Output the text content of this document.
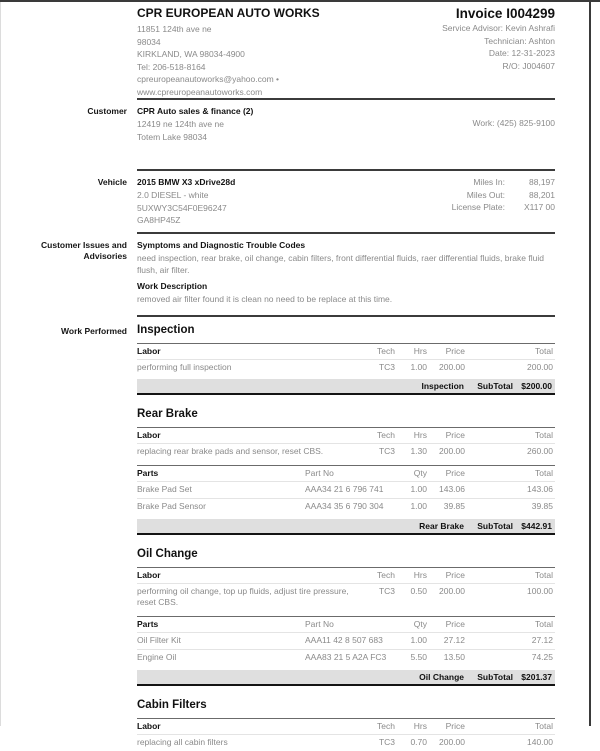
CPR EUROPEAN AUTO WORKS
11851 124th ave ne
98034
KIRKLAND, WA 98034-4900
Tel: 206-518-8164
cpreuropeanautoworks@yahoo.com •
www.cpreuropeanautoworks.com
Invoice I004299
Service Advisor: Kevin Ashrafi
Technician: Ashton
Date: 12-31-2023
R/O: J004607
Customer CPR Auto sales & finance (2)
12419 ne 124th ave ne
Totem Lake 98034
Work: (425) 825-9100
Vehicle 2015 BMW X3 xDrive28d
2.0 DIESEL - white
5UXWY3C54F0E96247
GA8HP45Z
Miles In:	88,197
Miles Out:	88,201
License Plate:	X117 00
Customer Issues and Advisories
Symptoms and Diagnostic Trouble Codes
need inspection, rear brake, oil change, cabin filters, front differential fluids, raer differential fluids, brake fluid flush, air filter.
Work Description
removed air filter found it is clean no need to be replace at this time.
Work Performed Inspection
Labor	Tech	Hrs	Price	Total
performing full inspection	TC3	1.00	200.00	200.00
Inspection	SubTotal $200.00
Rear Brake
Labor	Tech	Hrs	Price	Total
replacing rear brake pads and sensor, reset CBS.	TC3	1.30	200.00	260.00
Parts	Part No	Qty	Price	Total
Brake Pad Set	AAA34 21 6 796 741	1.00	143.06	143.06
Brake Pad Sensor	AAA34 35 6 790 304	1.00	39.85	39.85
Rear Brake	SubTotal $442.91
Oil Change
Labor	Tech	Hrs	Price	Total
performing oil change, top up fluids, adjust tire pressure, reset CBS.	TC3	0.50	200.00	100.00
Parts	Part No	Qty	Price	Total
Oil Filter Kit	AAA11 42 8 507 683	1.00	27.12	27.12
Engine Oil	AAA83 21 5 A2A FC3	5.50	13.50	74.25
Oil Change	SubTotal $201.37
Cabin Filters
Labor	Tech	Hrs	Price	Total
replacing all cabin filters	TC3	0.70	200.00	140.00
